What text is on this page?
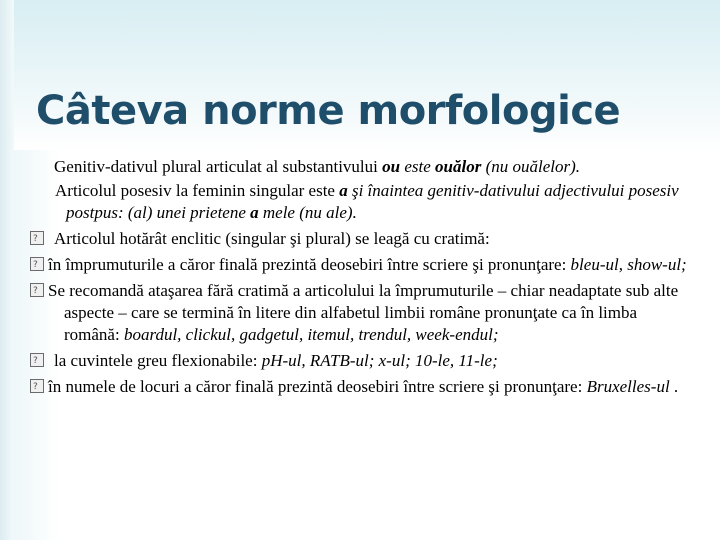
Câteva norme morfologice
Genitiv-dativul plural articulat al substantivului ou este ouălor (nu ouălelor).
Articolul posesiv la feminin singular este a şi înaintea genitiv-dativului adjectivului posesiv postpus: (al) unei prietene a mele (nu ale).
?Articolul hotărât enclitic (singular şi plural) se leagă cu cratimă:
?în împrumuturile a căror finală prezintă deosebiri între scriere şi pronunţare: bleu-ul, show-ul;
?Se recomandă ataşarea fără cratimă a articolului la împrumuturile – chiar neadaptate sub alte aspecte – care se termină în litere din alfabetul limbii române pronunţate ca în limba română: boardul, clickul, gadgetul, itemul, trendul, week-endul;
?la cuvintele greu flexionabile: pH-ul, RATB-ul; x-ul; 10-le, 11-le;
?în numele de locuri a căror finală prezintă deosebiri între scriere şi pronunţare: Bruxelles-ul .
